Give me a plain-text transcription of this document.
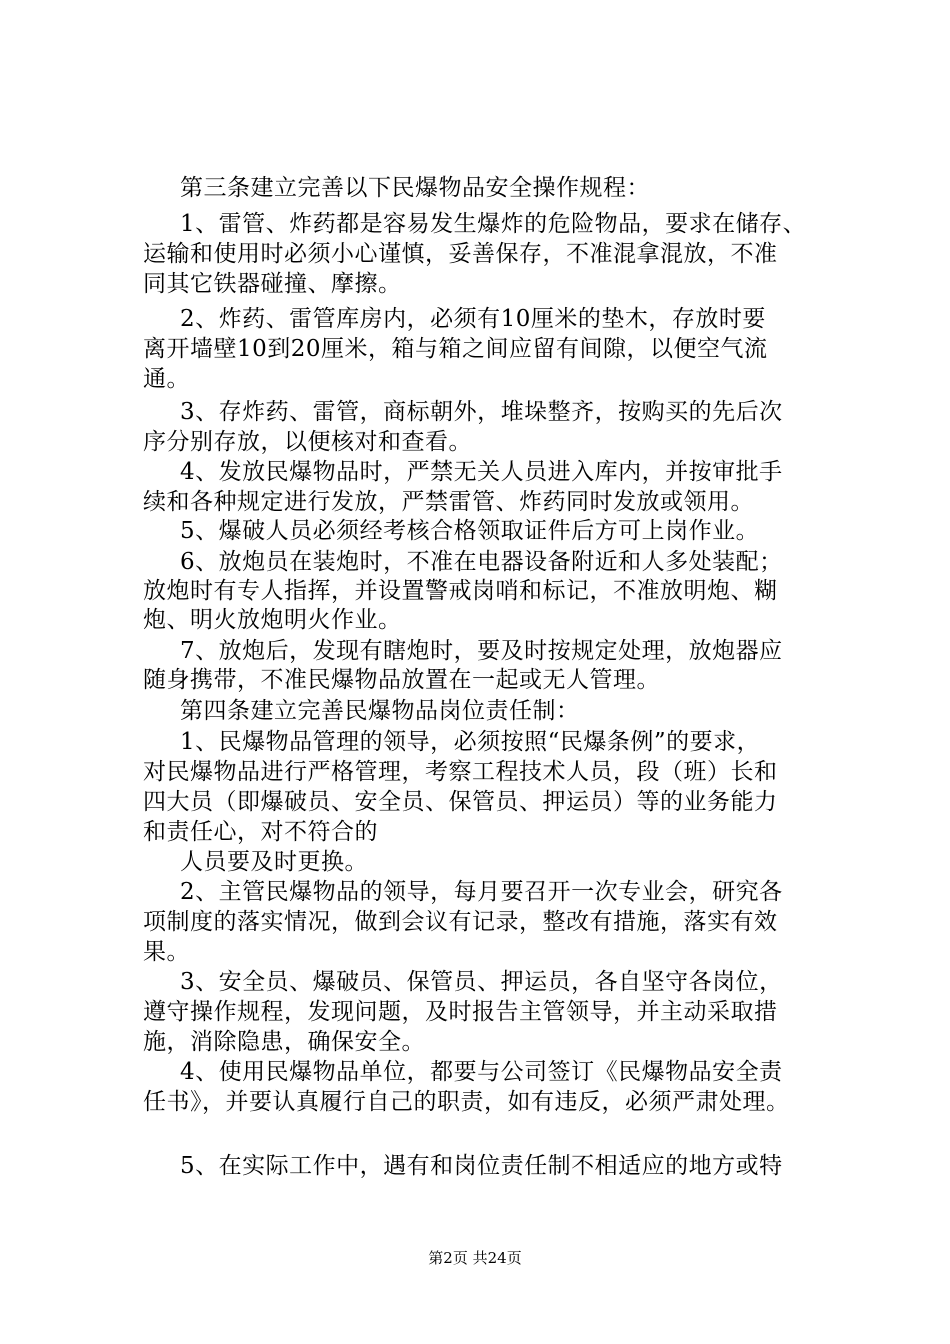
第三条建立完善以下民爆物品安全操作规程：
1、雷管、炸药都是容易发生爆炸的危险物品，要求在储存、
运输和使用时必须小心谨慎，妥善保存，不准混拿混放，不准
同其它铁器碰撞、摩擦。
2、炸药、雷管库房内，必须有10厘米的垫木，存放时要
离开墙壁10到20厘米，箱与箱之间应留有间隙，以便空气流
通。
3、存炸药、雷管，商标朝外，堆垛整齐，按购买的先后次
序分别存放，以便核对和查看。
4、发放民爆物品时，严禁无关人员进入库内，并按审批手
续和各种规定进行发放，严禁雷管、炸药同时发放或领用。
5、爆破人员必须经考核合格领取证件后方可上岗作业。
6、放炮员在装炮时，不准在电器设备附近和人多处装配；
放炮时有专人指挥，并设置警戒岗哨和标记，不准放明炮、糊
炮、明火放炮明火作业。
7、放炮后，发现有瞎炮时，要及时按规定处理，放炮器应
随身携带，不准民爆物品放置在一起或无人管理。
第四条建立完善民爆物品岗位责任制：
1、民爆物品管理的领导，必须按照“民爆条例”的要求，
对民爆物品进行严格管理，考察工程技术人员，段（班）长和
四大员（即爆破员、安全员、保管员、押运员）等的业务能力
和责任心，对不符合的
人员要及时更换。
2、主管民爆物品的领导，每月要召开一次专业会，研究各
项制度的落实情况，做到会议有记录，整改有措施，落实有效
果。
3、安全员、爆破员、保管员、押运员，各自坚守各岗位，
遵守操作规程，发现问题，及时报告主管领导，并主动采取措
施，消除隐患，确保安全。
4、使用民爆物品单位，都要与公司签订《民爆物品安全责
任书》，并要认真履行自己的职责，如有违反，必须严肃处理。
5、在实际工作中，遇有和岗位责任制不相适应的地方或特
第2页 共24页
